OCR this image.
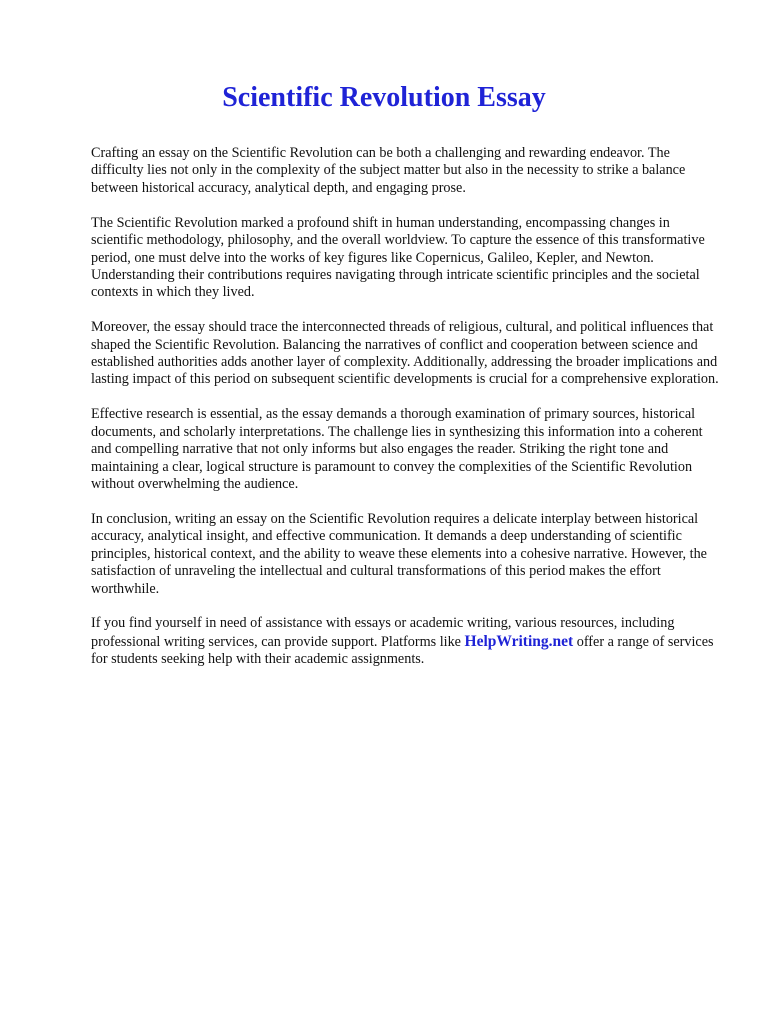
Scientific Revolution Essay

Crafting an essay on the Scientific Revolution can be both a challenging and rewarding endeavor. The difficulty lies not only in the complexity of the subject matter but also in the necessity to strike a balance between historical accuracy, analytical depth, and engaging prose.

The Scientific Revolution marked a profound shift in human understanding, encompassing changes in scientific methodology, philosophy, and the overall worldview. To capture the essence of this transformative period, one must delve into the works of key figures like Copernicus, Galileo, Kepler, and Newton. Understanding their contributions requires navigating through intricate scientific principles and the societal contexts in which they lived.

Moreover, the essay should trace the interconnected threads of religious, cultural, and political influences that shaped the Scientific Revolution. Balancing the narratives of conflict and cooperation between science and established authorities adds another layer of complexity. Additionally, addressing the broader implications and lasting impact of this period on subsequent scientific developments is crucial for a comprehensive exploration.

Effective research is essential, as the essay demands a thorough examination of primary sources, historical documents, and scholarly interpretations. The challenge lies in synthesizing this information into a coherent and compelling narrative that not only informs but also engages the reader. Striking the right tone and maintaining a clear, logical structure is paramount to convey the complexities of the Scientific Revolution without overwhelming the audience.

In conclusion, writing an essay on the Scientific Revolution requires a delicate interplay between historical accuracy, analytical insight, and effective communication. It demands a deep understanding of scientific principles, historical context, and the ability to weave these elements into a cohesive narrative. However, the satisfaction of unraveling the intellectual and cultural transformations of this period makes the effort worthwhile.

If you find yourself in need of assistance with essays or academic writing, various resources, including professional writing services, can provide support. Platforms like HelpWriting.net offer a range of services for students seeking help with their academic assignments.
